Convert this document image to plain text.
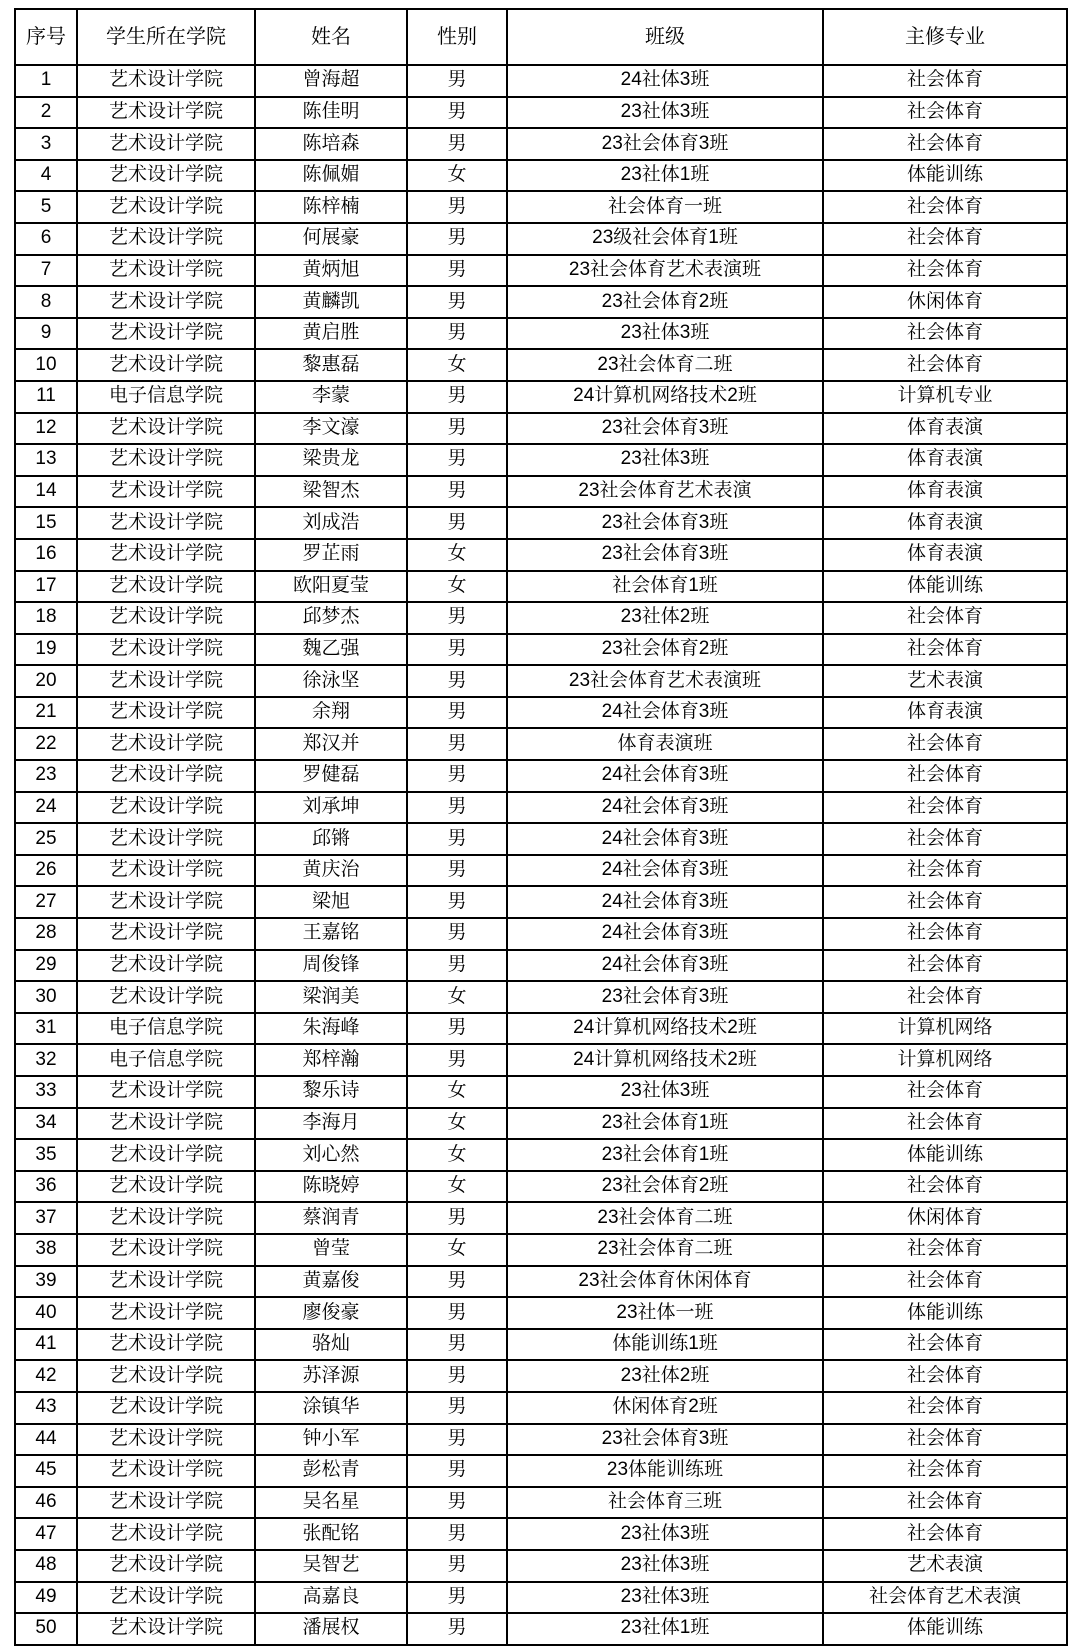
序号	学生所在学院	姓名	性别	班级	主修专业
1	艺术设计学院	曾海超	男	24社体3班	社会体育
2	艺术设计学院	陈佳明	男	23社体3班	社会体育
3	艺术设计学院	陈培森	男	23社会体育3班	社会体育
4	艺术设计学院	陈佩媚	女	23社体1班	体能训练
5	艺术设计学院	陈梓楠	男	社会体育一班	社会体育
6	艺术设计学院	何展豪	男	23级社会体育1班	社会体育
7	艺术设计学院	黄炳旭	男	23社会体育艺术表演班	社会体育
8	艺术设计学院	黄麟凯	男	23社会体育2班	休闲体育
9	艺术设计学院	黄启胜	男	23社体3班	社会体育
10	艺术设计学院	黎惠磊	女	23社会体育二班	社会体育
11	电子信息学院	李蒙	男	24计算机网络技术2班	计算机专业
12	艺术设计学院	李文濠	男	23社会体育3班	体育表演
13	艺术设计学院	梁贵龙	男	23社体3班	体育表演
14	艺术设计学院	梁智杰	男	23社会体育艺术表演	体育表演
15	艺术设计学院	刘成浩	男	23社会体育3班	体育表演
16	艺术设计学院	罗芷雨	女	23社会体育3班	体育表演
17	艺术设计学院	欧阳夏莹	女	社会体育1班	体能训练
18	艺术设计学院	邱梦杰	男	23社体2班	社会体育
19	艺术设计学院	魏乙强	男	23社会体育2班	社会体育
20	艺术设计学院	徐泳坚	男	23社会体育艺术表演班	艺术表演
21	艺术设计学院	余翔	男	24社会体育3班	体育表演
22	艺术设计学院	郑汉并	男	体育表演班	社会体育
23	艺术设计学院	罗健磊	男	24社会体育3班	社会体育
24	艺术设计学院	刘承坤	男	24社会体育3班	社会体育
25	艺术设计学院	邱锵	男	24社会体育3班	社会体育
26	艺术设计学院	黄庆治	男	24社会体育3班	社会体育
27	艺术设计学院	梁旭	男	24社会体育3班	社会体育
28	艺术设计学院	王嘉铭	男	24社会体育3班	社会体育
29	艺术设计学院	周俊锋	男	24社会体育3班	社会体育
30	艺术设计学院	梁润美	女	23社会体育3班	社会体育
31	电子信息学院	朱海峰	男	24计算机网络技术2班	计算机网络
32	电子信息学院	郑梓瀚	男	24计算机网络技术2班	计算机网络
33	艺术设计学院	黎乐诗	女	23社体3班	社会体育
34	艺术设计学院	李海月	女	23社会体育1班	社会体育
35	艺术设计学院	刘心然	女	23社会体育1班	体能训练
36	艺术设计学院	陈晓婷	女	23社会体育2班	社会体育
37	艺术设计学院	蔡润青	男	23社会体育二班	休闲体育
38	艺术设计学院	曾莹	女	23社会体育二班	社会体育
39	艺术设计学院	黄嘉俊	男	23社会体育休闲体育	社会体育
40	艺术设计学院	廖俊豪	男	23社体一班	体能训练
41	艺术设计学院	骆灿	男	体能训练1班	社会体育
42	艺术设计学院	苏泽源	男	23社体2班	社会体育
43	艺术设计学院	涂镇华	男	休闲体育2班	社会体育
44	艺术设计学院	钟小军	男	23社会体育3班	社会体育
45	艺术设计学院	彭松青	男	23体能训练班	社会体育
46	艺术设计学院	吴名星	男	社会体育三班	社会体育
47	艺术设计学院	张配铭	男	23社体3班	社会体育
48	艺术设计学院	吴智艺	男	23社体3班	艺术表演
49	艺术设计学院	高嘉良	男	23社体3班	社会体育艺术表演
50	艺术设计学院	潘展权	男	23社体1班	体能训练
